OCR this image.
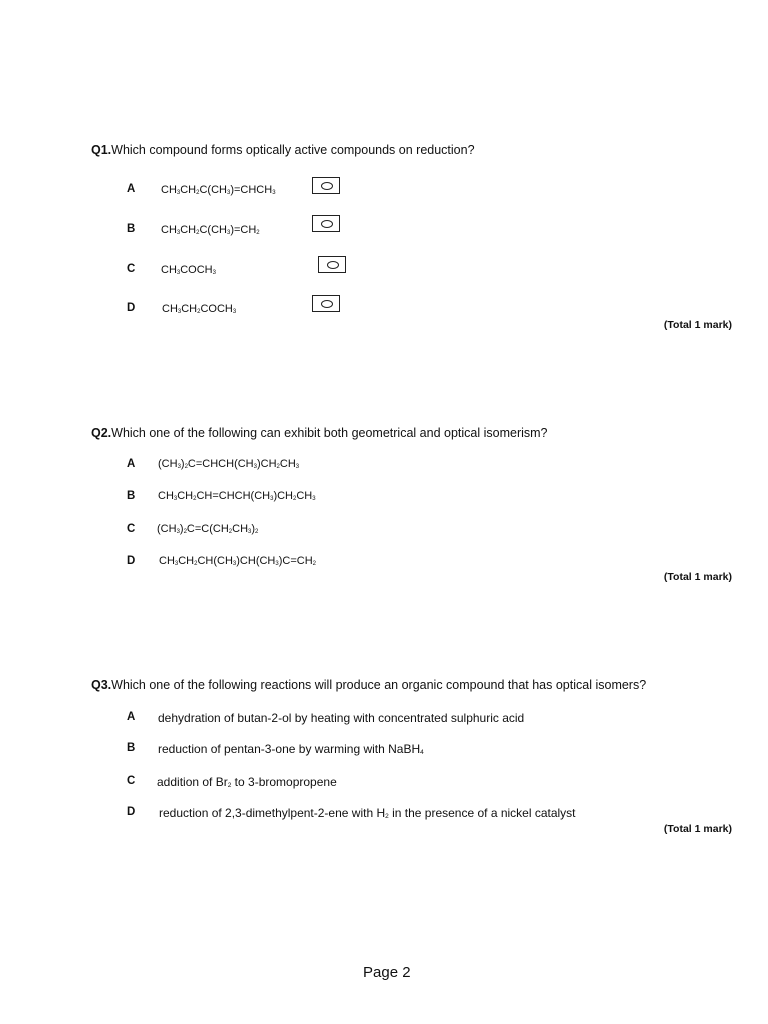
Q1.Which compound forms optically active compounds on reduction?
A $CH_3CH_2C(CH_3)=CHCH_3$
B $CH_3CH_2C(CH_3)=CH_2$
C $CH_3COCH_3$
D $CH_3CH_2COCH_3$
(Total 1 mark)
Q2.Which one of the following can exhibit both geometrical and optical isomerism?
A $(CH_3)_2C=CHCH(CH_3)CH_2CH_3$
B $CH_3CH_2CH=CHCH(CH_3)CH_2CH_3$
C $(CH_3)_2C=C(CH_2CH_3)_2$
D $CH_3CH_2CH(CH_3)CH(CH_3)C=CH_2$
(Total 1 mark)
Q3.Which one of the following reactions will produce an organic compound that has optical isomers?
A dehydration of butan-2-ol by heating with concentrated sulphuric acid
B reduction of pentan-3-one by warming with NaBH$_4$
C addition of $Br_2$ to 3-bromopropene
D reduction of 2,3-dimethylpent-2-ene with $H_2$ in the presence of a nickel catalyst
(Total 1 mark)
Page 2
